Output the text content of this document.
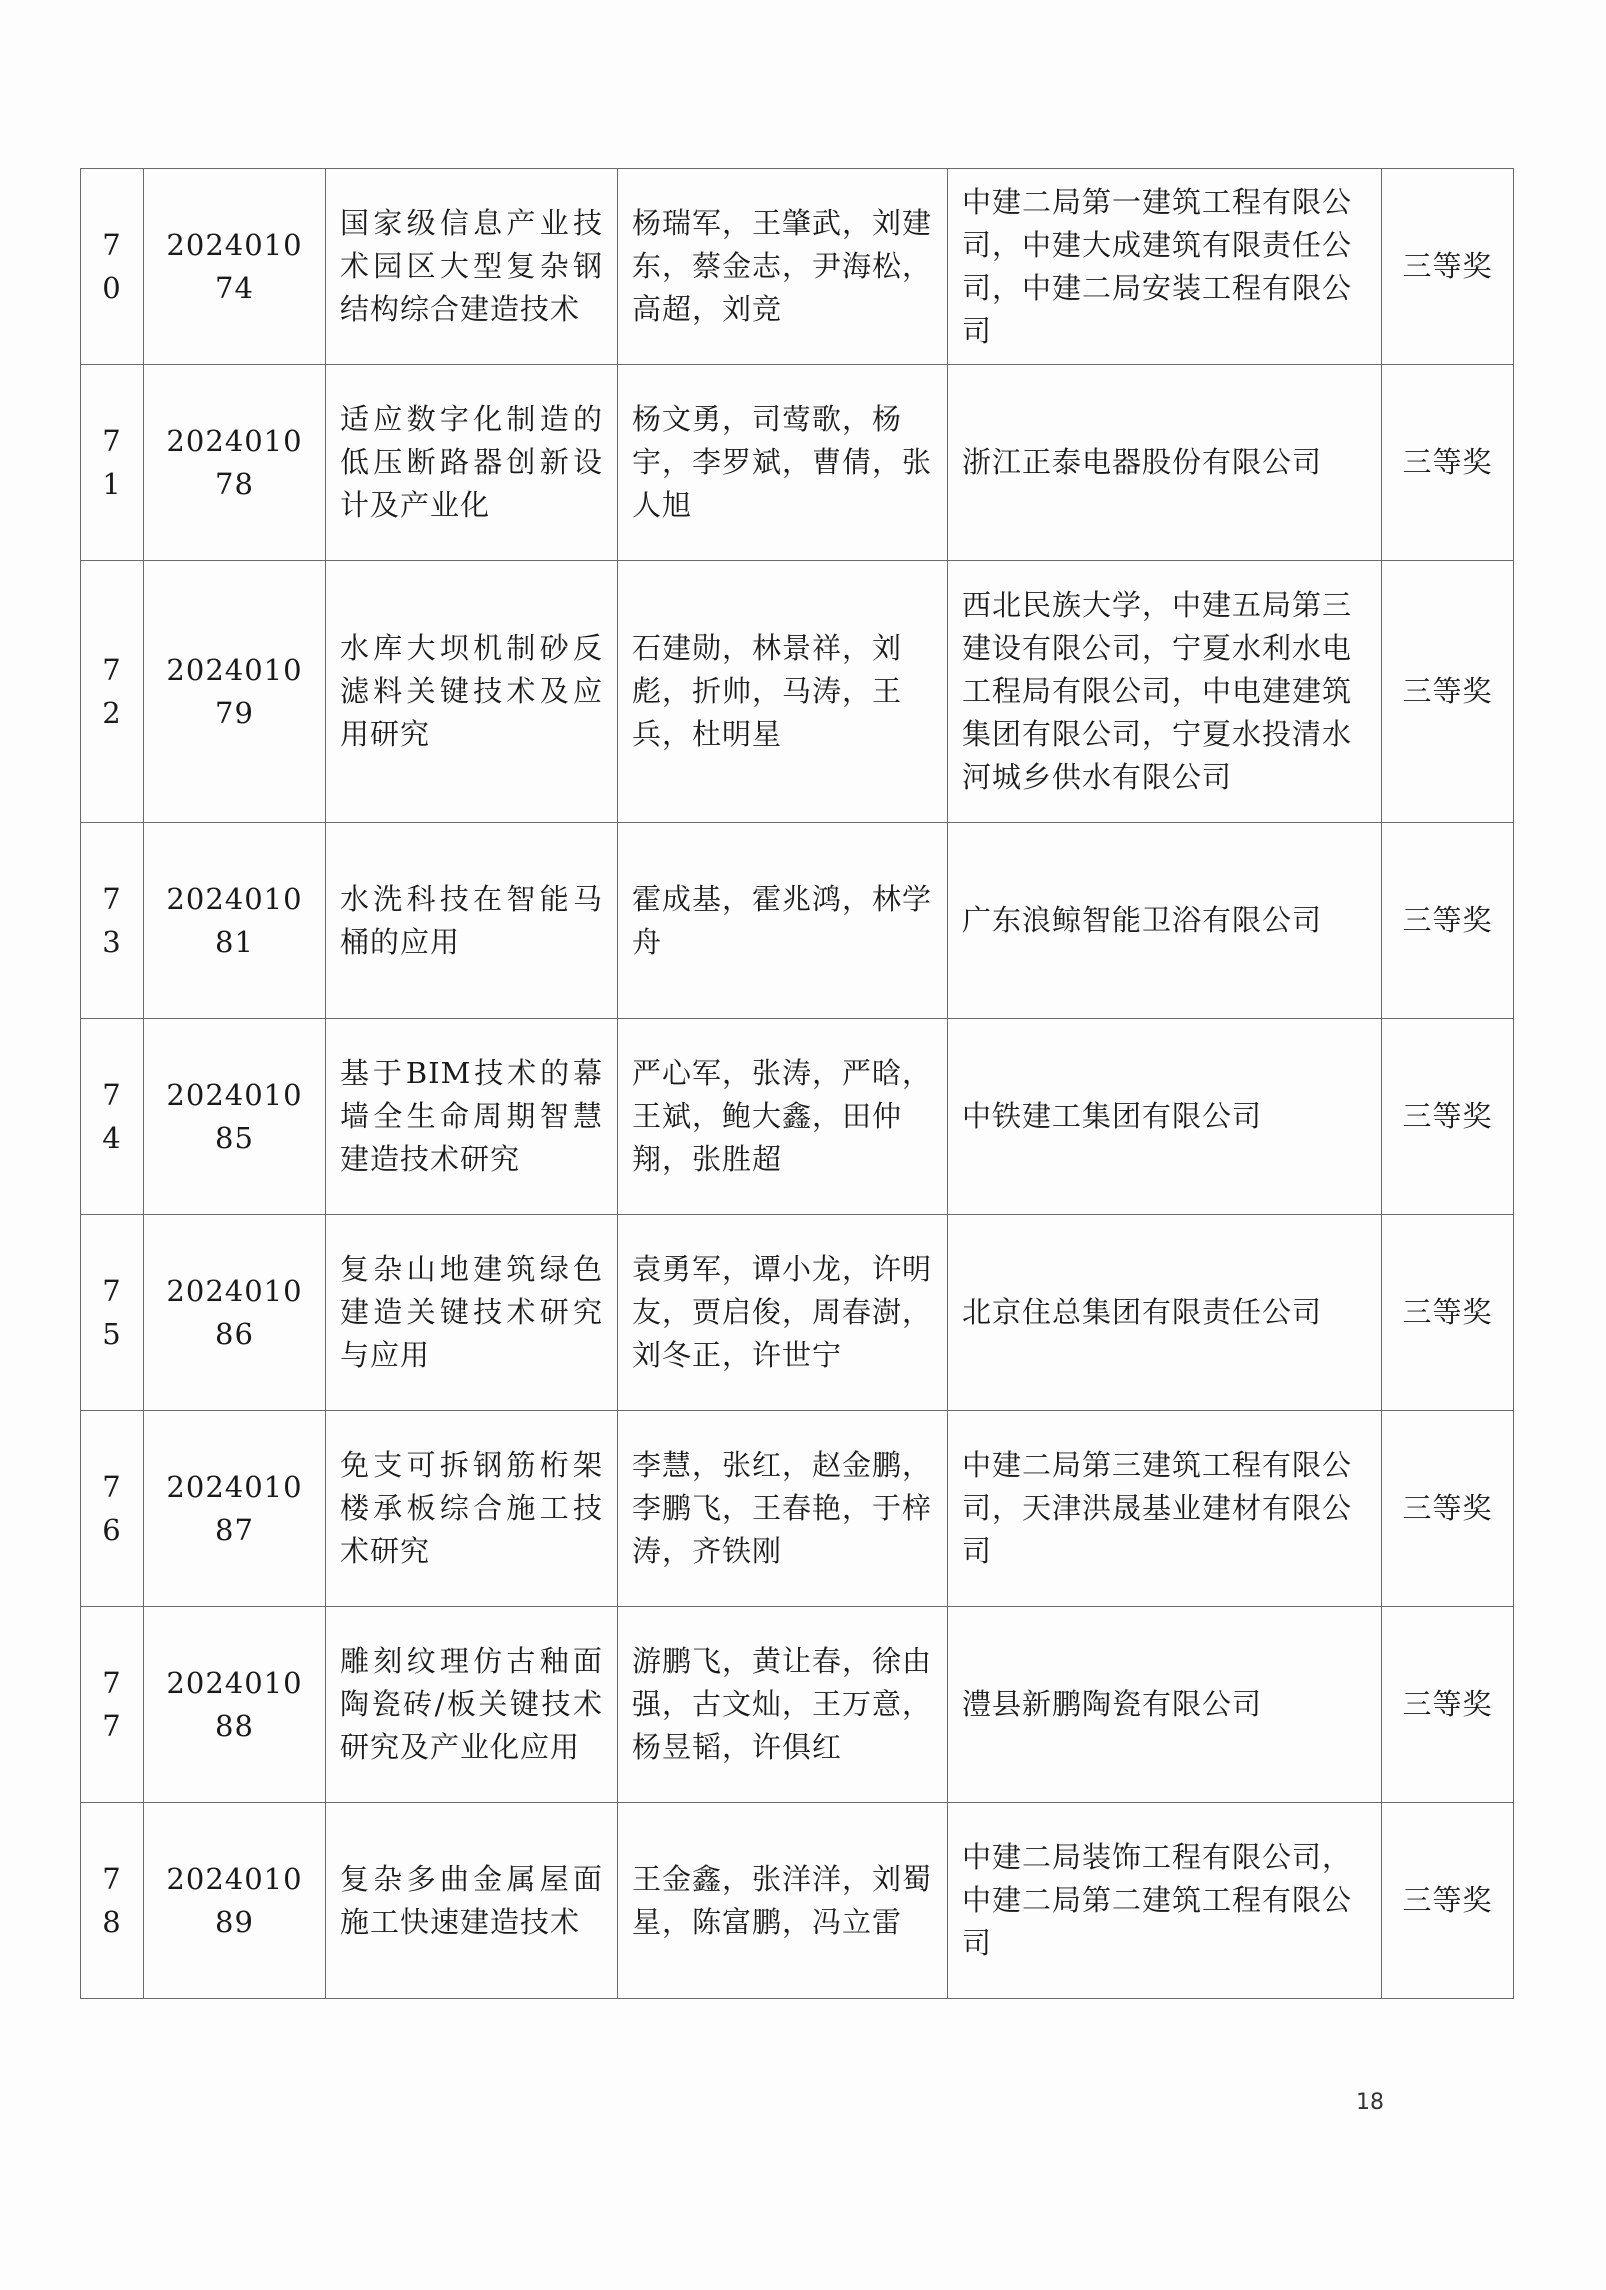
70	202401074	国家级信息产业技术园区大型复杂钢结构综合建造技术	杨瑞军，王肇武，刘建东，蔡金志，尹海松，高超，刘竞	中建二局第一建筑工程有限公司，中建大成建筑有限责任公司，中建二局安装工程有限公司	三等奖
71	202401078	适应数字化制造的低压断路器创新设计及产业化	杨文勇，司莺歌，杨宇，李罗斌，曹倩，张人旭	浙江正泰电器股份有限公司	三等奖
72	202401079	水库大坝机制砂反滤料关键技术及应用研究	石建勋，林景祥，刘彪，折帅，马涛，王兵，杜明星	西北民族大学，中建五局第三建设有限公司，宁夏水利水电工程局有限公司，中电建建筑集团有限公司，宁夏水投清水河城乡供水有限公司	三等奖
73	202401081	水洗科技在智能马桶的应用	霍成基，霍兆鸿，林学舟	广东浪鲸智能卫浴有限公司	三等奖
74	202401085	基于BIM技术的幕墙全生命周期智慧建造技术研究	严心军，张涛，严晗，王斌，鲍大鑫，田仲翔，张胜超	中铁建工集团有限公司	三等奖
75	202401086	复杂山地建筑绿色建造关键技术研究与应用	袁勇军，谭小龙，许明友，贾启俊，周春澍，刘冬正，许世宁	北京住总集团有限责任公司	三等奖
76	202401087	免支可拆钢筋桁架楼承板综合施工技术研究	李慧，张红，赵金鹏，李鹏飞，王春艳，于梓涛，齐铁刚	中建二局第三建筑工程有限公司，天津洪晟基业建材有限公司	三等奖
77	202401088	雕刻纹理仿古釉面陶瓷砖/板关键技术研究及产业化应用	游鹏飞，黄让春，徐由强，古文灿，王万意，杨昱韬，许俱红	澧县新鹏陶瓷有限公司	三等奖
78	202401089	复杂多曲金属屋面施工快速建造技术	王金鑫，张洋洋，刘蜀星，陈富鹏，冯立雷	中建二局装饰工程有限公司，中建二局第二建筑工程有限公司	三等奖
18
